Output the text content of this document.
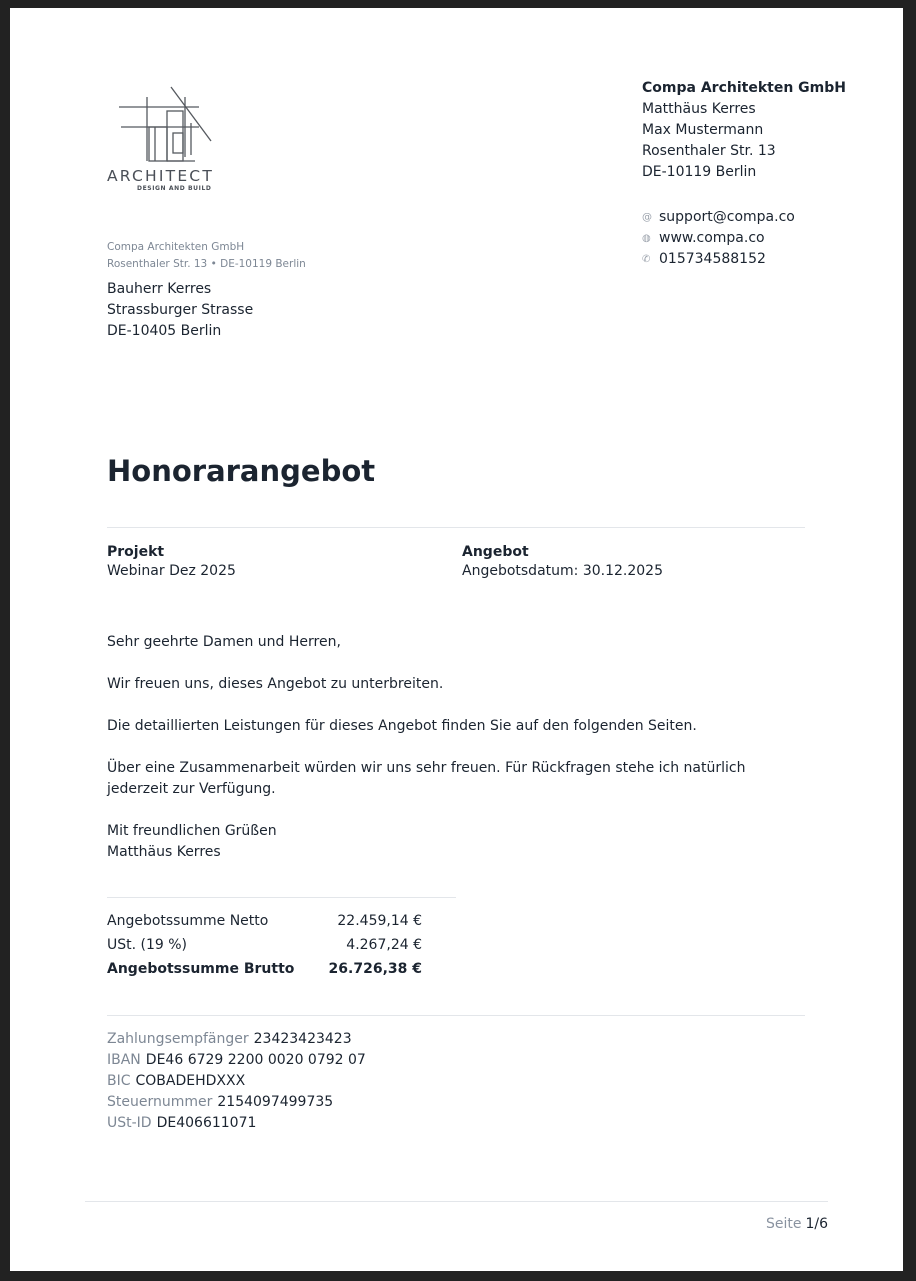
ARCHITECT
DESIGN AND BUILD
Compa Architekten GmbH
Matthäus Kerres
Max Mustermann
Rosenthaler Str. 13
DE-10119 Berlin
@ support@compa.co
◍ www.compa.co
✆ 015734588152
Compa Architekten GmbH
Rosenthaler Str. 13 • DE-10119 Berlin
Bauherr Kerres
Strassburger Strasse
DE-10405 Berlin
Honorarangebot
Projekt
Webinar Dez 2025
Angebot
Angebotsdatum: 30.12.2025

Sehr geehrte Damen und Herren,

Wir freuen uns, dieses Angebot zu unterbreiten.

Die detaillierten Leistungen für dieses Angebot finden Sie auf den folgenden Seiten.

Über eine Zusammenarbeit würden wir uns sehr freuen. Für Rückfragen stehe ich natürlich jederzeit zur Verfügung.

Mit freundlichen Grüßen
Matthäus Kerres
Angebotssumme Netto	22.459,14 €
USt. (19 %)	4.267,24 €
Angebotssumme Brutto 26.726,38 €
Zahlungsempfänger 23423423423
IBAN DE46 6729 2200 0020 0792 07
BIC COBADEHDXXX
Steuernummer 2154097499735
USt-ID DE406611071
Seite 1/6
